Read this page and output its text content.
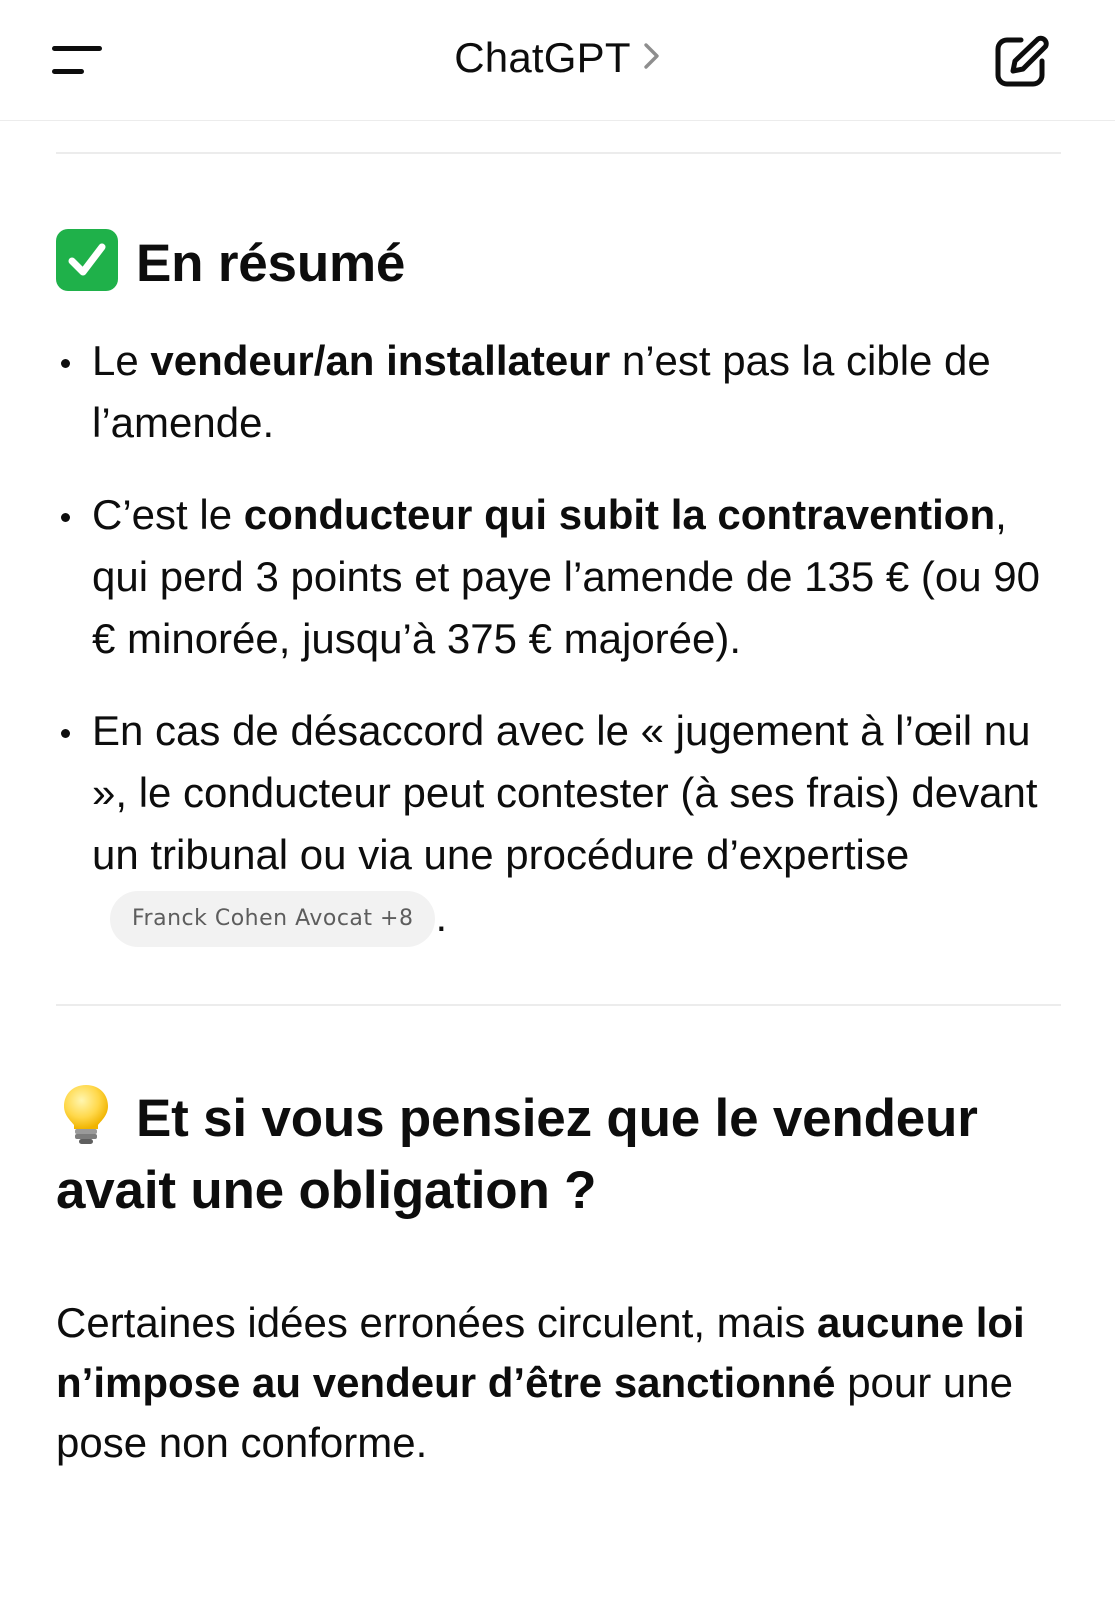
ChatGPT
En résumé
Le vendeur/an installateur n’est pas la cible de l’amende.
C’est le conducteur qui subit la contravention, qui perd 3 points et paye l’amende de 135 € (ou 90 € minorée, jusqu’à 375 € majorée).
En cas de désaccord avec le « jugement à l’œil nu », le conducteur peut contester (à ses frais) devant un tribunal ou via une procédure d’expertiseFranck Cohen Avocat +8 .
Et si vous pensiez que le vendeur avait une obligation ?
Certaines idées erronées circulent, mais aucune loi n’impose au vendeur d’être sanctionné pour une pose non conforme.
